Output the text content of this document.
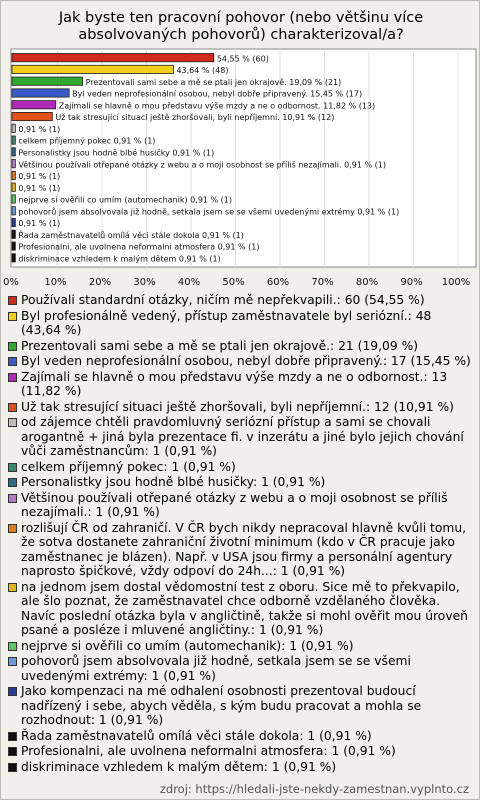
Jak byste ten pracovní pohovor (nebo většinu více absolvovaných pohovorů) charakterizoval/a?
54,55 % (60)
43,64 % (48)
Prezentovali sami sebe a mě se ptali jen okrajově. 19,09 % (21)
Byl veden neprofesionální osobou, nebyl dobře připravený. 15,45 % (17)
Zajímali se hlavně o mou představu výše mzdy a ne o odbornost. 11,82 % (13)
Už tak stresující situaci ještě zhoršovali, byli nepříjemní. 10,91 % (12)
0,91 % (1)
celkem příjemný pokec 0,91 % (1)
Personalistky jsou hodně blbé husičky 0,91 % (1)
Většinou používali otřepané otázky z webu a o moji osobnost se příliš nezajímali. 0,91 % (1)
0,91 % (1)
0,91 % (1)
nejprve si ověřili co umím (automechanik) 0,91 % (1)
pohovorů jsem absolvovala již hodně, setkala jsem se se všemi uvedenými extrémy 0,91 % (1)
0,91 % (1)
Řada zaměstnavatelů omílá věci stále dokola 0,91 % (1)
Profesionalni, ale uvolnena neformalni atmosfera 0,91 % (1)
diskriminace vzhledem k malým dětem 0,91 % (1)
0%	10% 20% 30% 40% 50% 60% 70% 80% 90% 100%
Používali standardní otázky, ničím mě nepřekvapili.: 60 (54,55 %)
Byl profesionálně vedený, přístup zaměstnavatele byl seriózní.: 48 (43,64 %)
Prezentovali sami sebe a mě se ptali jen okrajově.: 21 (19,09 %)
Byl veden neprofesionální osobou, nebyl dobře připravený.: 17 (15,45 %)
Zajímali se hlavně o mou představu výše mzdy a ne o odbornost.: 13 (11,82 %)
Už tak stresující situaci ještě zhoršovali, byli nepříjemní.: 12 (10,91 %)
od zájemce chtěli pravdomluvný seriózní přístup a sami se chovali arogantně + jiná byla prezentace fi. v inzerátu a jiné bylo jejich chování vůči zaměstnancům: 1 (0,91 %)
celkem příjemný pokec: 1 (0,91 %)
Personalistky jsou hodně blbé husičky: 1 (0,91 %)
Většinou používali otřepané otázky z webu a o moji osobnost se příliš nezajímali.: 1 (0,91 %)
rozlišují ČR od zahraničí. V ČR bych nikdy nepracoval hlavně kvůli tomu, že sotva dostanete zahraniční životní minimum (kdo v ČR pracuje jako zaměstnanec je blázen). Např. v USA jsou firmy a personální agentury naprosto špičkové, vždy odpoví do 24h...: 1 (0,91 %)
na jednom jsem dostal vědomostní test z oboru. Sice mě to překvapilo, ale šlo poznat, že zaměstnavatel chce odborně vzdělaného člověka. Navíc poslední otázka byla v angličtině, takže si mohl ověřit mou úroveň psané a posléze i mluvené angličtiny.: 1 (0,91 %)
nejprve si ověřili co umím (automechanik): 1 (0,91 %)
pohovorů jsem absolvovala již hodně, setkala jsem se se všemi uvedenými extrémy: 1 (0,91 %)
Jako kompenzaci na mé odhalení osobnosti prezentoval budoucí nadřízený i sebe, abych věděla, s kým budu pracovat a mohla se rozhodnout: 1 (0,91 %)
Řada zaměstnavatelů omílá věci stále dokola: 1 (0,91 %)
Profesionalni, ale uvolnena neformalni atmosfera: 1 (0,91 %)
diskriminace vzhledem k malým dětem: 1 (0,91 %)
zdroj: https://hledali-jste-nekdy-zamestnan.vyplnto.cz
